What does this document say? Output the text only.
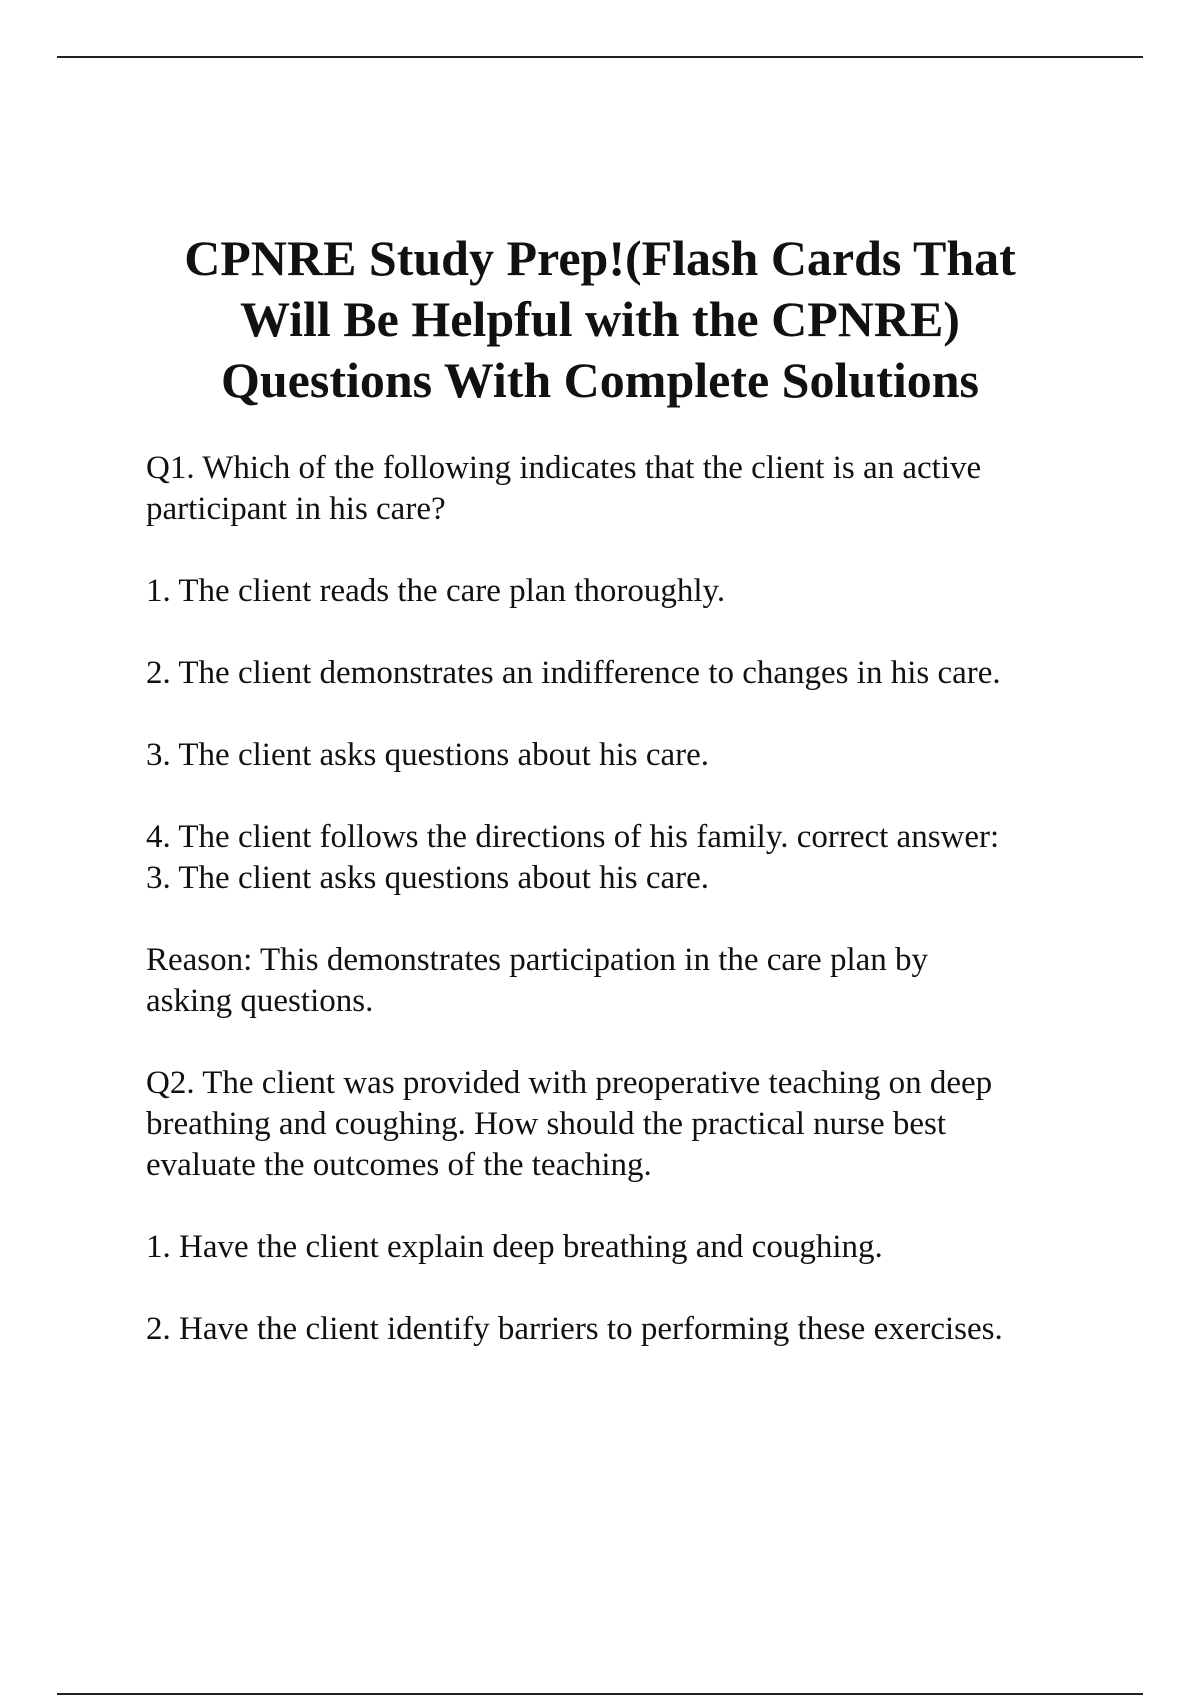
CPNRE Study Prep!(Flash Cards That
Will Be Helpful with the CPNRE)
Questions With Complete Solutions

Q1. Which of the following indicates that the client is an active
participant in his care?

1. The client reads the care plan thoroughly.

2. The client demonstrates an indifference to changes in his care.

3. The client asks questions about his care.

4. The client follows the directions of his family. correct answer:
3. The client asks questions about his care.

Reason: This demonstrates participation in the care plan by
asking questions.

Q2. The client was provided with preoperative teaching on deep
breathing and coughing. How should the practical nurse best
evaluate the outcomes of the teaching.

1. Have the client explain deep breathing and coughing.

2. Have the client identify barriers to performing these exercises.
